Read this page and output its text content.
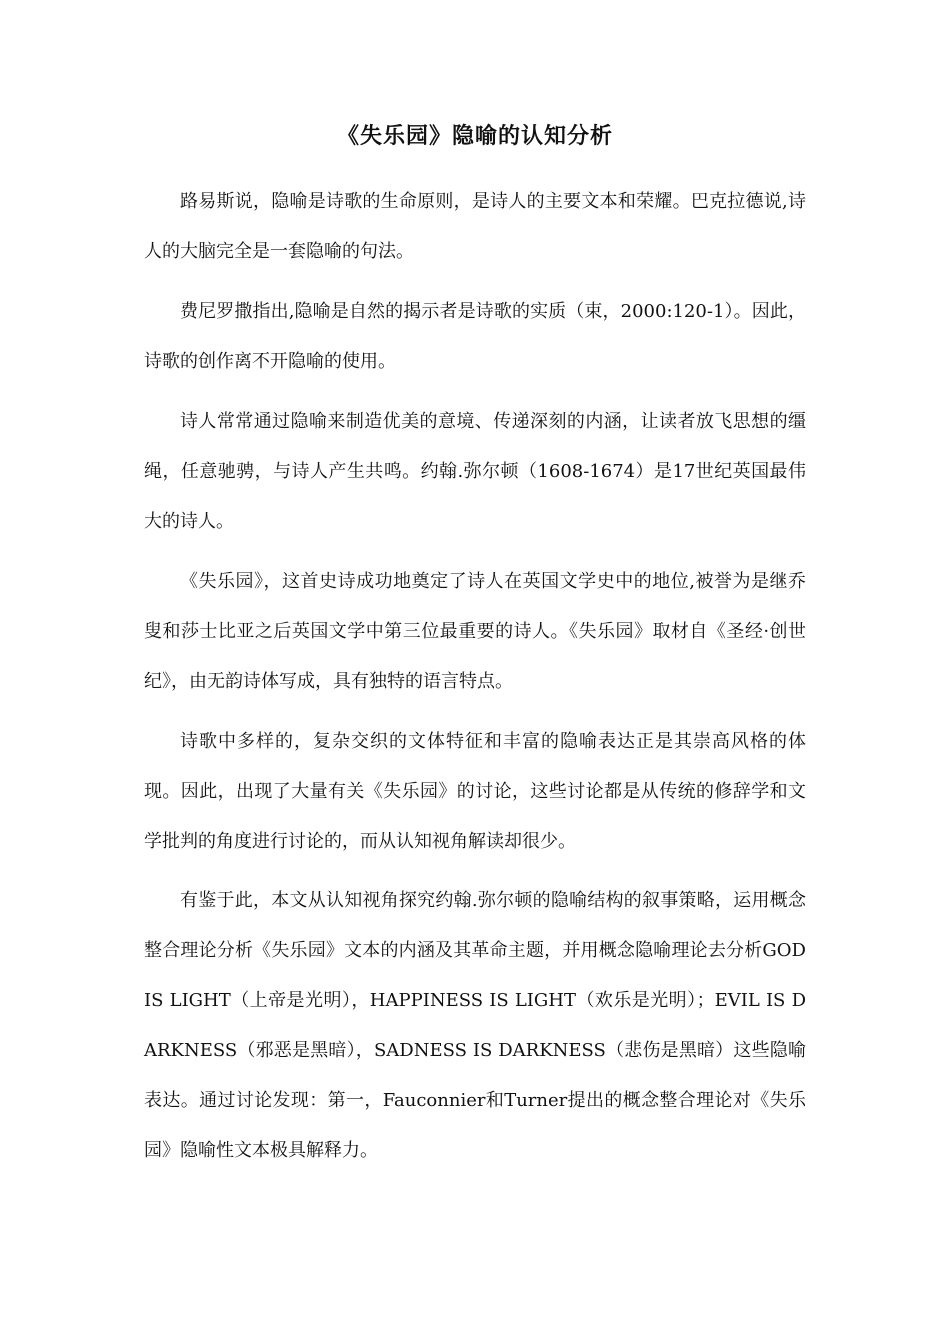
《失乐园》隐喻的认知分析
路易斯说，隐喻是诗歌的生命原则，是诗人的主要文本和荣耀。巴克拉德说,诗人的大脑完全是一套隐喻的句法。
费尼罗撒指出,隐喻是自然的揭示者是诗歌的实质（束，2000:120-1）。因此，诗歌的创作离不开隐喻的使用。
诗人常常通过隐喻来制造优美的意境、传递深刻的内涵，让读者放飞思想的缰绳，任意驰骋，与诗人产生共鸣。约翰.弥尔顿（1608-1674）是17世纪英国最伟大的诗人。
《失乐园》，这首史诗成功地奠定了诗人在英国文学史中的地位,被誉为是继乔叟和莎士比亚之后英国文学中第三位最重要的诗人。《失乐园》取材自《圣经·创世纪》，由无韵诗体写成，具有独特的语言特点。
诗歌中多样的，复杂交织的文体特征和丰富的隐喻表达正是其崇高风格的体现。因此，出现了大量有关《失乐园》的讨论，这些讨论都是从传统的修辞学和文学批判的角度进行讨论的，而从认知视角解读却很少。
有鉴于此，本文从认知视角探究约翰.弥尔顿的隐喻结构的叙事策略，运用概念整合理论分析《失乐园》文本的内涵及其革命主题，并用概念隐喻理论去分析GOD IS LIGHT（上帝是光明），HAPPINESS IS LIGHT（欢乐是光明）；EVIL IS DARKNESS（邪恶是黑暗），SADNESS IS DARKNESS（悲伤是黑暗）这些隐喻表达。通过讨论发现：第一，Fauconnier和Turner提出的概念整合理论对《失乐园》隐喻性文本极具解释力。
